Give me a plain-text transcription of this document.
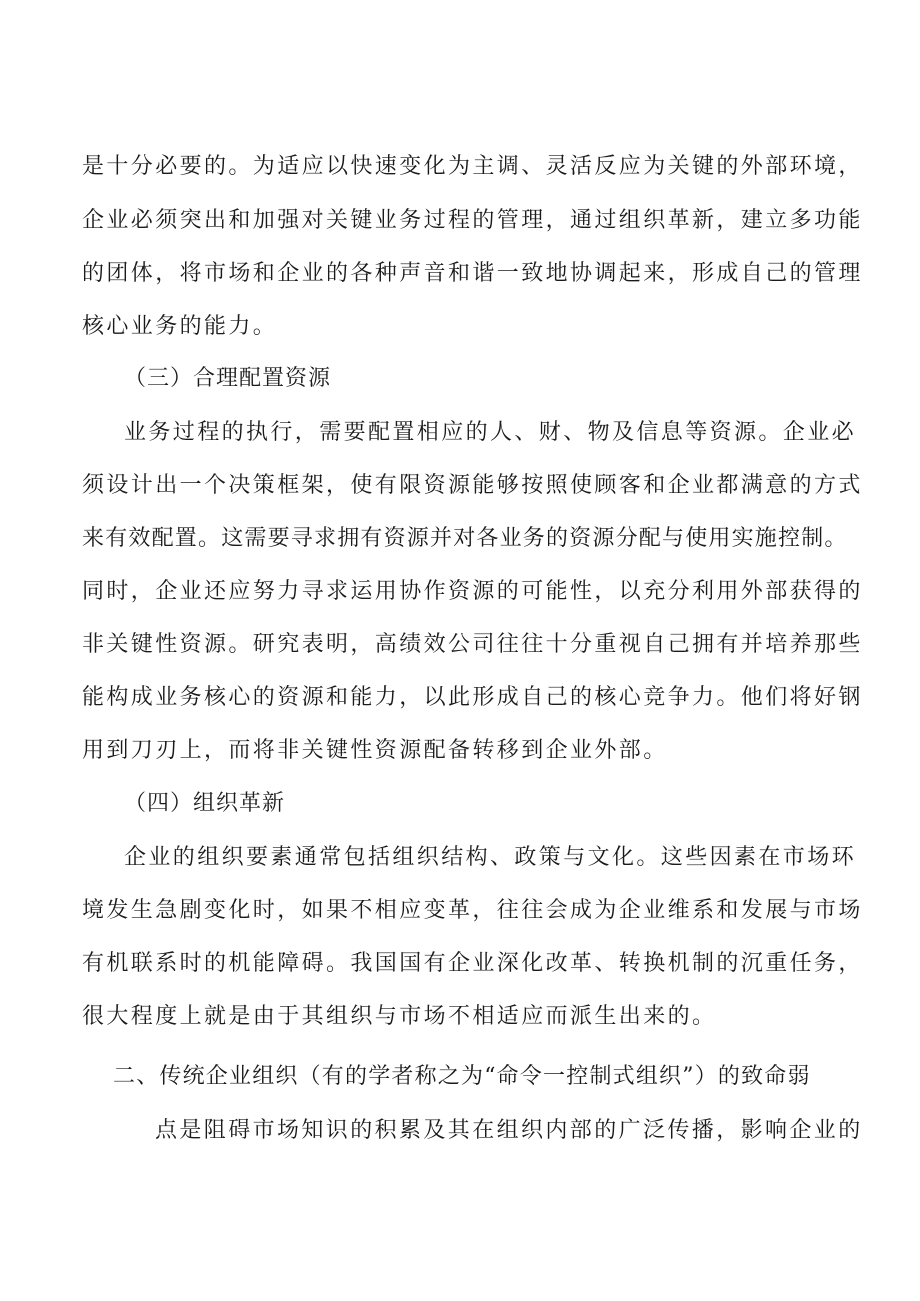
是十分必要的。为适应以快速变化为主调、灵活反应为关键的外部环境，
企业必须突出和加强对关键业务过程的管理，通过组织革新，建立多功能
的团体，将市场和企业的各种声音和谐一致地协调起来，形成自己的管理
核心业务的能力。
（三）合理配置资源
业务过程的执行，需要配置相应的人、财、物及信息等资源。企业必
须设计出一个决策框架，使有限资源能够按照使顾客和企业都满意的方式
来有效配置。这需要寻求拥有资源并对各业务的资源分配与使用实施控制。
同时，企业还应努力寻求运用协作资源的可能性，以充分利用外部获得的
非关键性资源。研究表明，高绩效公司往往十分重视自己拥有并培养那些
能构成业务核心的资源和能力，以此形成自己的核心竞争力。他们将好钢
用到刀刃上，而将非关键性资源配备转移到企业外部。
（四）组织革新
企业的组织要素通常包括组织结构、政策与文化。这些因素在市场环
境发生急剧变化时，如果不相应变革，往往会成为企业维系和发展与市场
有机联系时的机能障碍。我国国有企业深化改革、转换机制的沉重任务，
很大程度上就是由于其组织与市场不相适应而派生出来的。
二、传统企业组织（有的学者称之为“命令一控制式组织”）的致命弱
点是阻碍市场知识的积累及其在组织内部的广泛传播，影响企业的
